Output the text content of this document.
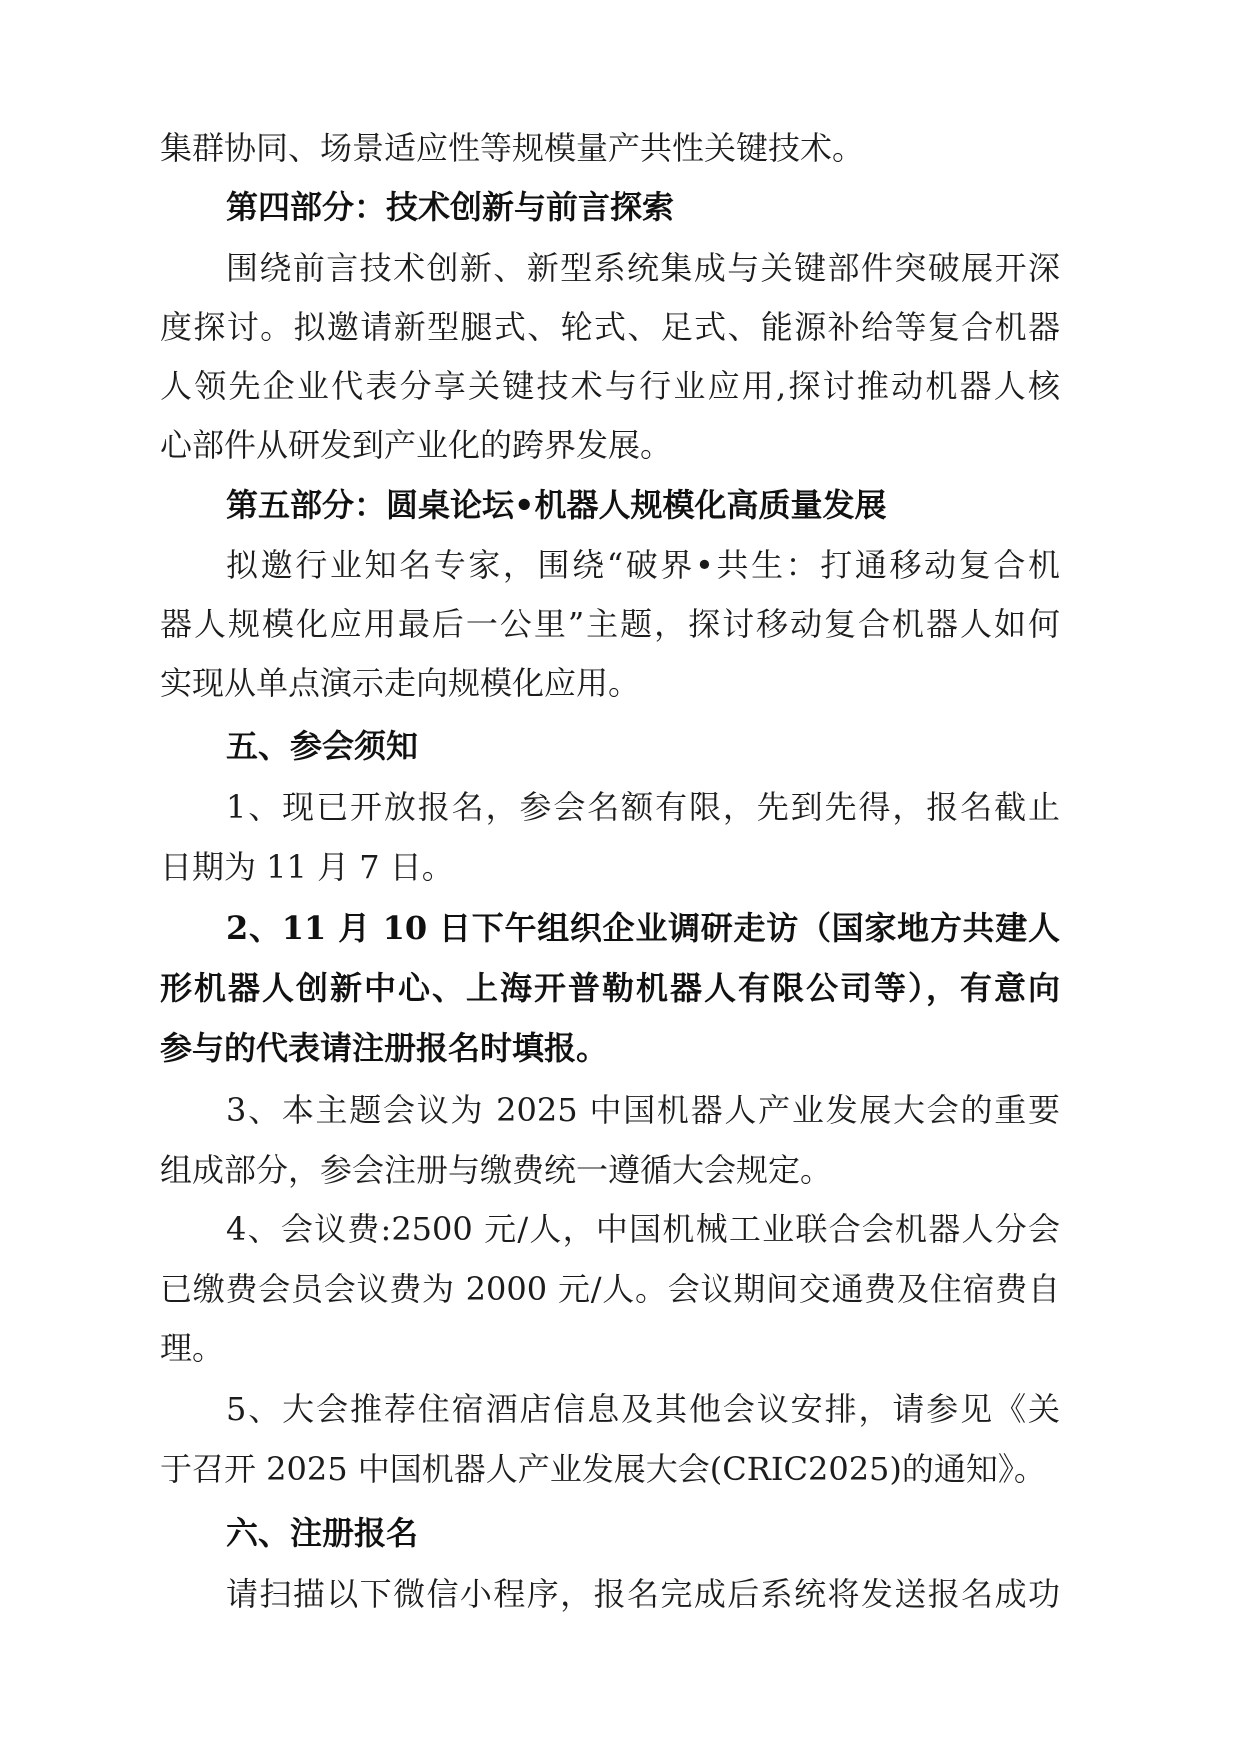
集群协同、场景适应性等规模量产共性关键技术。
第四部分：技术创新与前言探索
围绕前言技术创新、新型系统集成与关键部件突破展开深
度探讨。拟邀请新型腿式、轮式、足式、能源补给等复合机器
人领先企业代表分享关键技术与行业应用,探讨推动机器人核
心部件从研发到产业化的跨界发展。
第五部分：圆桌论坛•机器人规模化高质量发展
拟邀行业知名专家，围绕“破界•共生：打通移动复合机
器人规模化应用最后一公里”主题，探讨移动复合机器人如何
实现从单点演示走向规模化应用。
五、参会须知
1、现已开放报名，参会名额有限，先到先得，报名截止
日期为 11 月 7 日。
2、11 月 10 日下午组织企业调研走访（国家地方共建人
形机器人创新中心、上海开普勒机器人有限公司等），有意向
参与的代表请注册报名时填报。
3、本主题会议为 2025 中国机器人产业发展大会的重要
组成部分，参会注册与缴费统一遵循大会规定。
4、会议费:2500 元/人，中国机械工业联合会机器人分会
已缴费会员会议费为 2000 元/人。会议期间交通费及住宿费自
理。
5、大会推荐住宿酒店信息及其他会议安排，请参见《关
于召开 2025 中国机器人产业发展大会(CRIC2025)的通知》。
六、注册报名
请扫描以下微信小程序，报名完成后系统将发送报名成功
